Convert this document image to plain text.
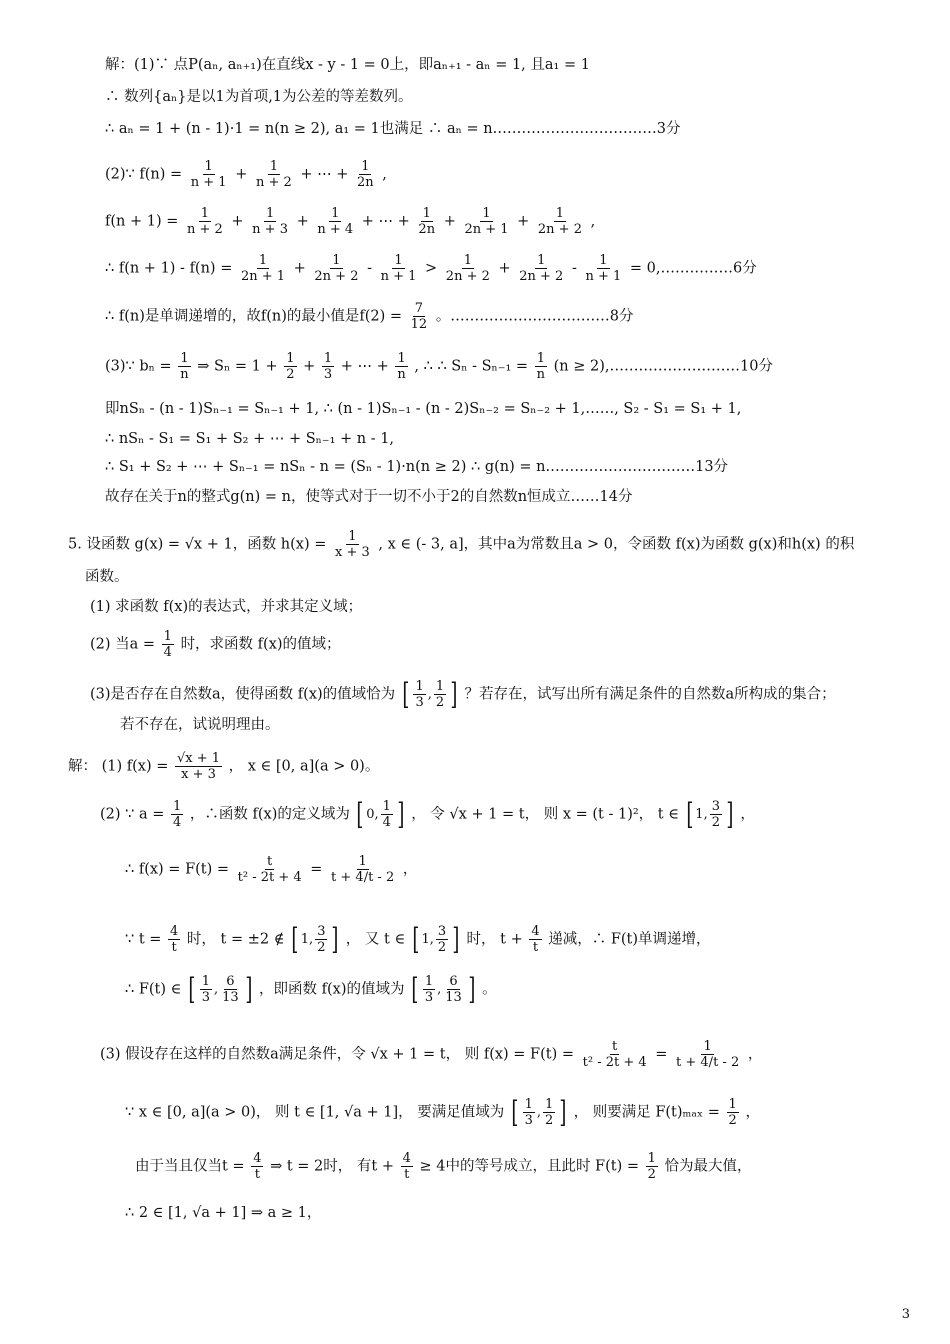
解：(1)∵ 点P(aₙ, aₙ₊₁)在直线x - y - 1 = 0上，即aₙ₊₁ - aₙ = 1, 且a₁ = 1
∴ 数列{aₙ}是以1为首项,1为公差的等差数列。
∴ aₙ = 1 + (n - 1)·1 = n(n ≥ 2), a₁ = 1也满足 ∴ aₙ = n.……………………………3分
(2)∵ $f(n) = \frac{1}{n + 1} + \frac{1}{n + 2}$ + ⋯ + $\frac{1}{2n}$ ,
$f(n + 1) = \frac{1}{n + 2} + \frac{1}{n + 3} + \frac{1}{n + 4}$ + ⋯ + $\frac{1}{2n} + \frac{1}{2n + 1} + \frac{1}{2n + 2}$ ,
∴ $f(n + 1) - f(n) = \frac{1}{2n + 1} + \frac{1}{2n + 2} - \frac{1}{n + 1} > \frac{1}{2n + 2} + \frac{1}{2n + 2} - \frac{1}{n + 1}$ = 0,……………6分
∴ f(n)是单调递增的，故f(n)的最小值是$f(2) = \frac{7}{12}$ 。……………………………8分
(3)∵ $b_n = \frac{1}{n}$ ⇒ $S_n = 1 + \frac{1}{2} + \frac{1}{3}$ + ⋯ + $\frac{1}{n}$ , ∴ ∴ $S_n - S_{n-1} = \frac{1}{n} (n$ ≥ 2),………………………10分
即nSₙ - (n - 1)Sₙ₋₁ = Sₙ₋₁ + 1, ∴ (n - 1)Sₙ₋₁ - (n - 2)Sₙ₋₂ = Sₙ₋₂ + 1,……, S₂ - S₁ = S₁ + 1,
∴ nSₙ - S₁ = S₁ + S₂ + ⋯ + Sₙ₋₁ + n - 1,
∴ S₁ + S₂ + ⋯ + Sₙ₋₁ = nSₙ - n = (Sₙ - 1)·n(n ≥ 2) ∴ g(n) = n.…………………………13分
故存在关于n的整式g(n) = n，使等式对于一切不小于2的自然数n恒成立……14分
5. 设函数 g(x) = √x + 1，函数 $h(x) = \frac{1}{x + 3}$ , x ∈ (- 3, a]，其中a为常数且a > 0，令函数 f(x)为函数 g(x)和h(x) 的积
函数。
(1) 求函数 f(x)的表达式，并求其定义域；
(2) 当$a = \frac{1}{4}$ 时，求函数 f(x)的值域；
(3)是否存在自然数a，使得函数 f(x)的值域恰为 [ $\frac{1}{3}$ , $\frac{1}{2}$ ] ？若存在，试写出所有满足条件的自然数a所构成的集合；
若不存在，试说明理由。
解： (1) $f(x) = \frac{√x + 1}{x + 3}$ ， x ∈ [0, a](a > 0)。
(2) ∵ $a = \frac{1}{4}$ ，∴函数 f(x)的定义域为 [ 0, $\frac{1}{4}$ ] ， 令 √x + 1 = t， 则 x = (t - 1)²， t ∈ [ 1, $\frac{3}{2}$ ] ，
∴ $f(x) = F(t) = \frac{t}{\text{t² - 2t + 4}} = \frac{1}{t + 4/t - 2}$ ，
∵ $t = \frac{4}{t}$ 时， t = ±2 ∉ [ 1, $\frac{3}{2}$ ] ， 又 t ∈ [ 1, $\frac{3}{2}$ ] 时， $t + \frac{4}{t}$ 递减，∴ F(t)单调递增，
∴ F(t) ∈ [ $\frac{1}{3}$ , $\frac{6}{13}$ ] ，即函数 f(x)的值域为 [ $\frac{1}{3}$ , $\frac{6}{13}$ ] 。
(3) 假设存在这样的自然数a满足条件，令 √x + 1 = t， 则 $f(x) = F(t) = \frac{t}{\text{t² - 2t + 4}} = \frac{1}{t + 4/t - 2}$ ，
∵ x ∈ [0, a](a > 0)， 则 t ∈ [1, √a + 1]， 要满足值域为 [ $\frac{1}{3}$ , $\frac{1}{2}$ ] ， 则要满足 $F(t)_{max} = \frac{1}{2}$ ，
由于当且仅当$t = \frac{4}{t}$ ⇒ t = 2时， 有$t + \frac{4}{t} \ge 4$中的等号成立，且此时 $F(t) = \frac{1}{2}$ 恰为最大值，
∴ 2 ∈ [1, √a + 1] ⇒ a ≥ 1，
3
